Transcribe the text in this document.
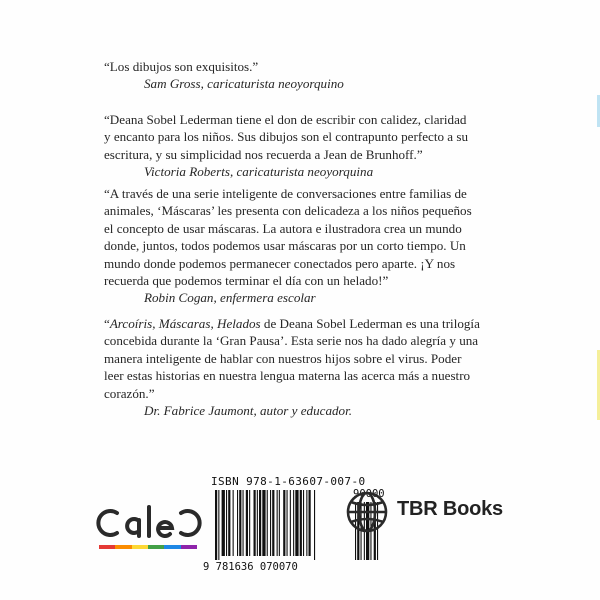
“Los dibujos son exquisitos.”

Sam Gross, caricaturista neoyorquino

“Deana Sobel Lederman tiene el don de escribir con calidez, claridad

y encanto para los niños. Sus dibujos son el contrapunto perfecto a su

escritura, y su simplicidad nos recuerda a Jean de Brunhoff.”

Victoria Roberts, caricaturista neoyorquina

“A través de una serie inteligente de conversaciones entre familias de

animales, ‘Máscaras’ les presenta con delicadeza a los niños pequeños

el concepto de usar máscaras. La autora e ilustradora crea un mundo

donde, juntos, todos podemos usar máscaras por un corto tiempo. Un

mundo donde podemos permanecer conectados pero aparte. ¡Y nos

recuerda que podemos terminar el día con un helado!”

Robin Cogan, enfermera escolar

“Arcoíris, Máscaras, Helados de Deana Sobel Lederman es una trilogía

concebida durante la ‘Gran Pausa’. Esta serie nos ha dado alegría y una

manera inteligente de hablar con nuestros hijos sobre el virus. Poder

leer estas historias en nuestra lengua materna las acerca más a nuestro

corazón.”

Dr. Fabrice Jaumont, autor y educador.
ISBN 978-1-63607-007-0
90000
9 781636 070070
TBR Books
